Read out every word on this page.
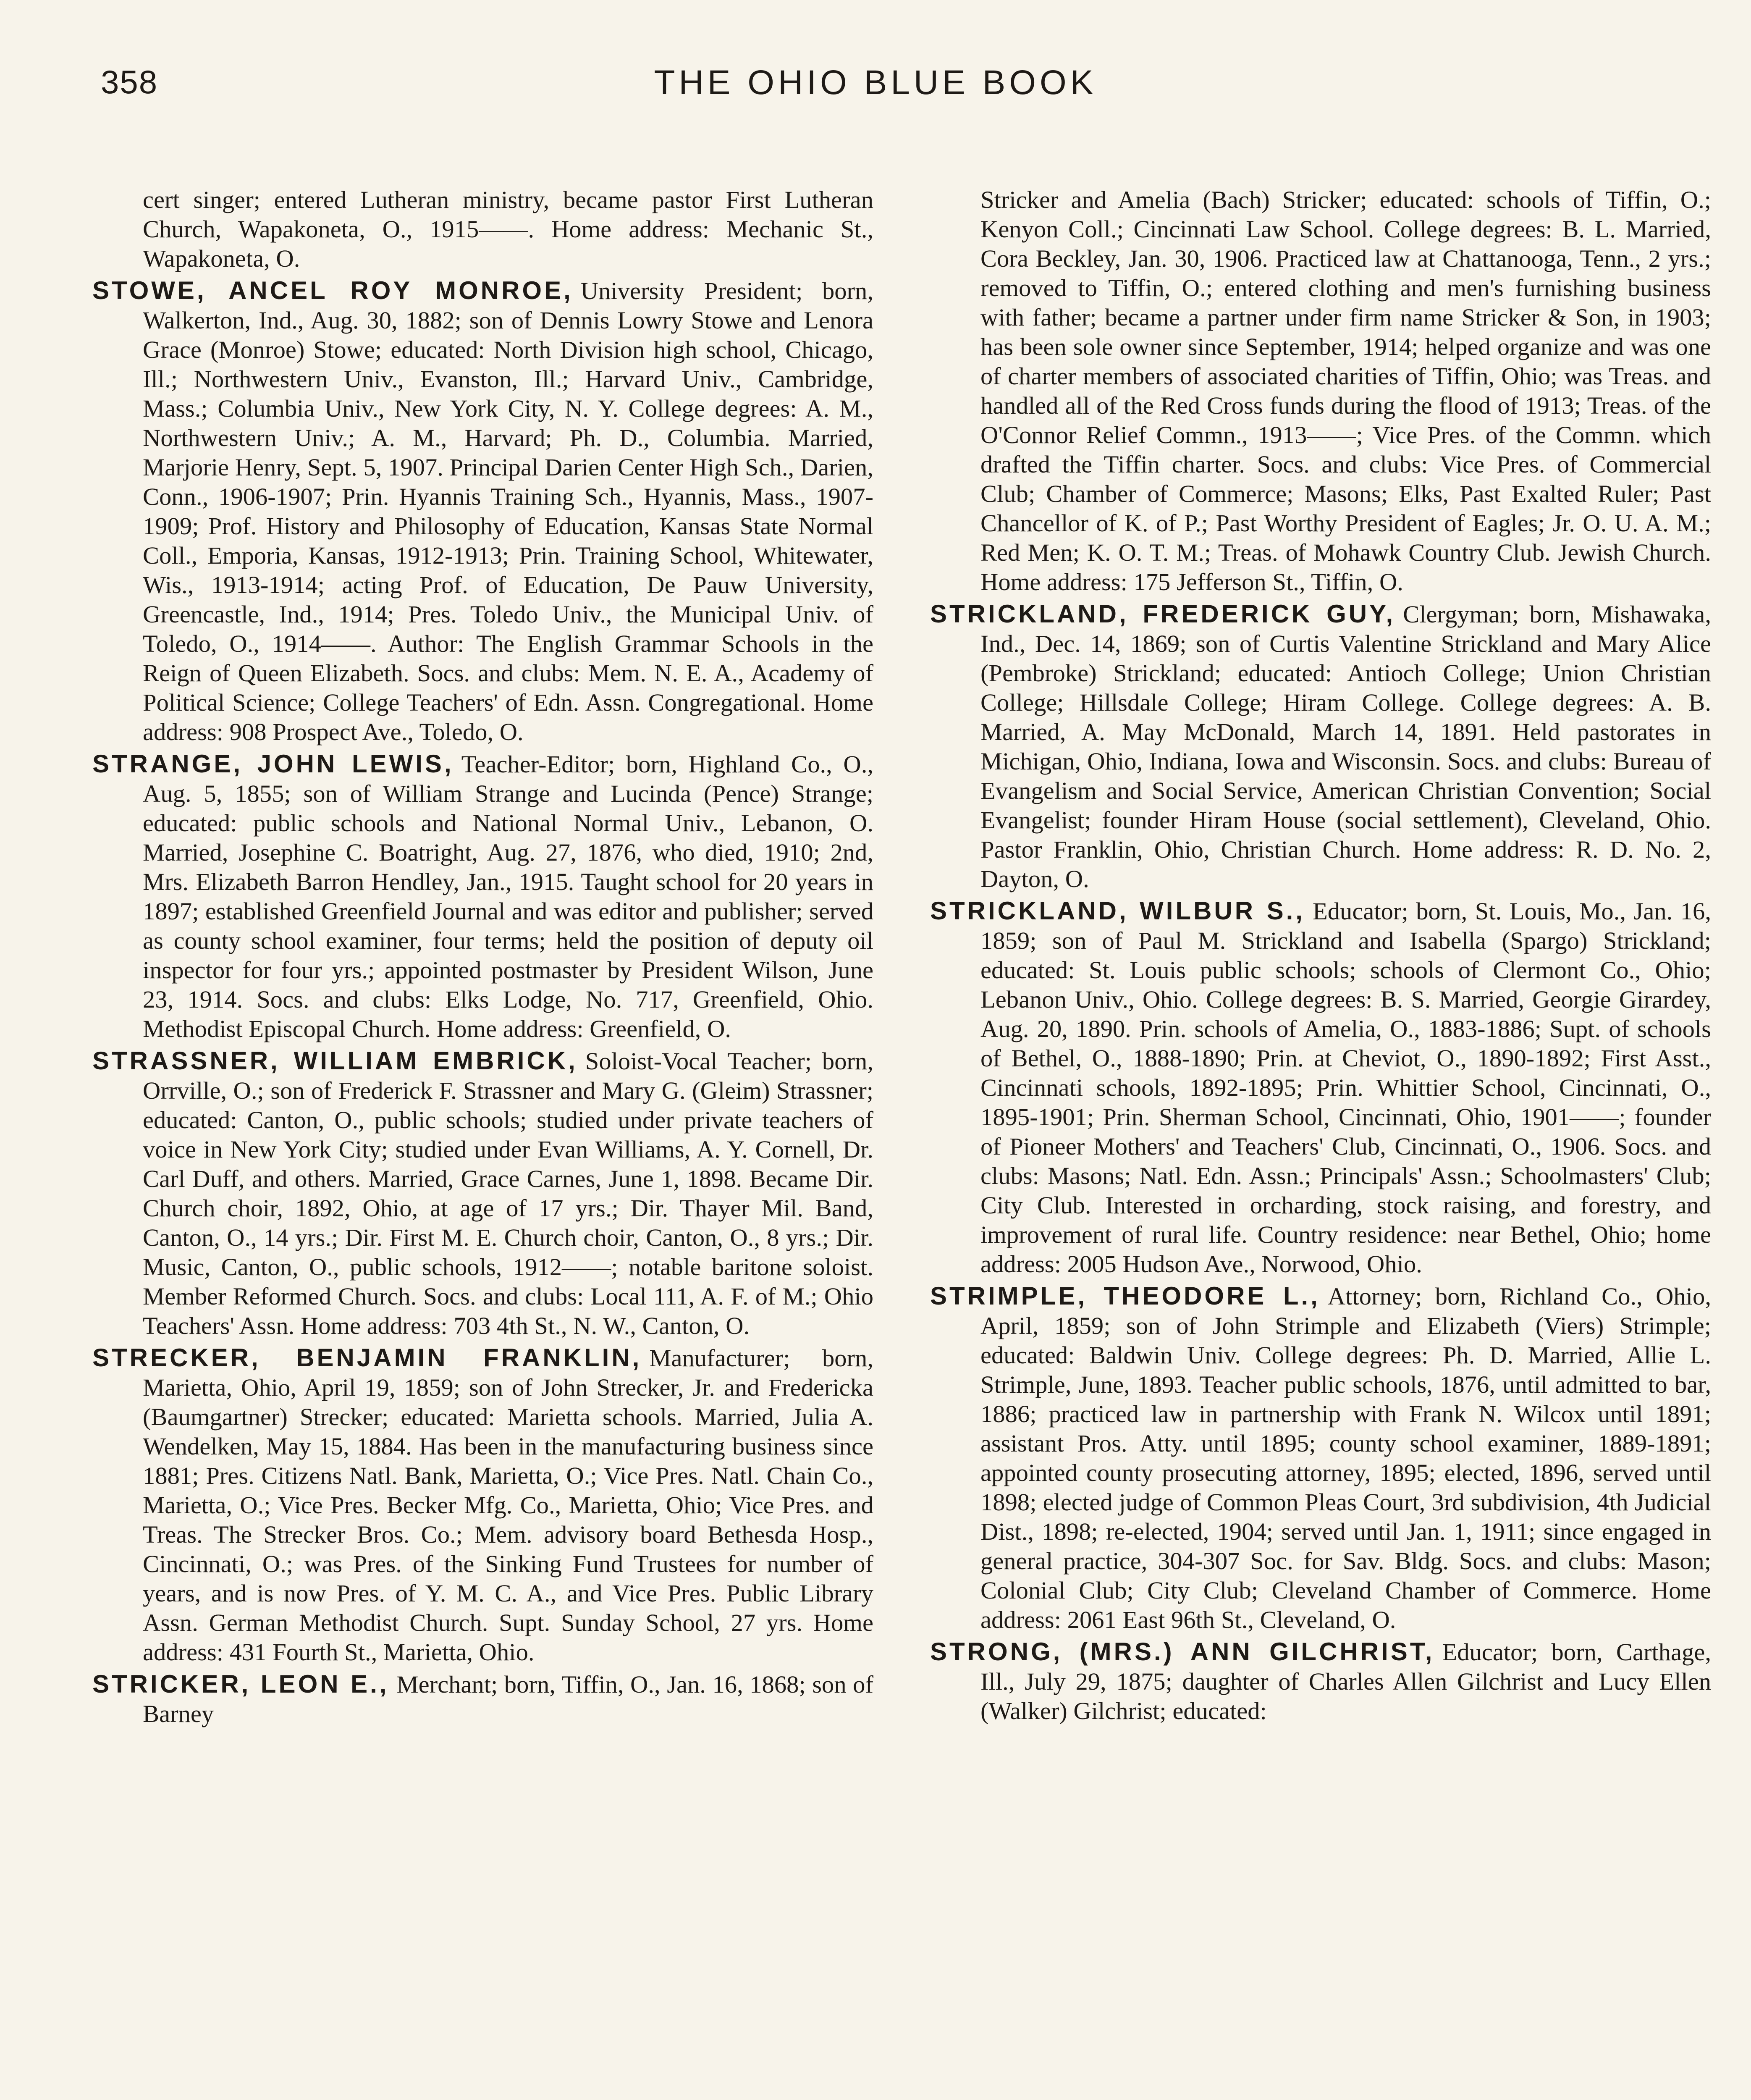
358	THE OHIO BLUE BOOK

cert singer; entered Lutheran ministry, became pastor First Lutheran Church, Wapakoneta, O., 1915——. Home address: Mechanic St., Wapakoneta, O.

STOWE, ANCEL ROY MONROE, University President; born, Walkerton, Ind., Aug. 30, 1882; son of Dennis Lowry Stowe and Lenora Grace (Monroe) Stowe; educated: North Division high school, Chicago, Ill.; Northwestern Univ., Evanston, Ill.; Harvard Univ., Cambridge, Mass.; Columbia Univ., New York City, N. Y. College degrees: A. M., Northwestern Univ.; A. M., Harvard; Ph. D., Columbia. Married, Marjorie Henry, Sept. 5, 1907. Principal Darien Center High Sch., Darien, Conn., 1906-1907; Prin. Hyannis Training Sch., Hyannis, Mass., 1907-1909; Prof. History and Philosophy of Education, Kansas State Normal Coll., Emporia, Kansas, 1912-1913; Prin. Training School, Whitewater, Wis., 1913-1914; acting Prof. of Education, De Pauw University, Greencastle, Ind., 1914; Pres. Toledo Univ., the Municipal Univ. of Toledo, O., 1914——. Author: The English Grammar Schools in the Reign of Queen Elizabeth. Socs. and clubs: Mem. N. E. A., Academy of Political Science; College Teachers' of Edn. Assn. Congregational. Home address: 908 Prospect Ave., Toledo, O.

STRANGE, JOHN LEWIS, Teacher-Editor; born, Highland Co., O., Aug. 5, 1855; son of William Strange and Lucinda (Pence) Strange; educated: public schools and National Normal Univ., Lebanon, O. Married, Josephine C. Boatright, Aug. 27, 1876, who died, 1910; 2nd, Mrs. Elizabeth Barron Hendley, Jan., 1915. Taught school for 20 years in 1897; established Greenfield Journal and was editor and publisher; served as county school examiner, four terms; held the position of deputy oil inspector for four yrs.; appointed postmaster by President Wilson, June 23, 1914. Socs. and clubs: Elks Lodge, No. 717, Greenfield, Ohio. Methodist Episcopal Church. Home address: Greenfield, O.

STRASSNER, WILLIAM EMBRICK, Soloist-Vocal Teacher; born, Orrville, O.; son of Frederick F. Strassner and Mary G. (Gleim) Strassner; educated: Canton, O., public schools; studied under private teachers of voice in New York City; studied under Evan Williams, A. Y. Cornell, Dr. Carl Duff, and others. Married, Grace Carnes, June 1, 1898. Became Dir. Church choir, 1892, Ohio, at age of 17 yrs.; Dir. Thayer Mil. Band, Canton, O., 14 yrs.; Dir. First M. E. Church choir, Canton, O., 8 yrs.; Dir. Music, Canton, O., public schools, 1912——; notable baritone soloist. Member Reformed Church. Socs. and clubs: Local 111, A. F. of M.; Ohio Teachers' Assn. Home address: 703 4th St., N. W., Canton, O.

STRECKER, BENJAMIN FRANKLIN, Manufacturer; born, Marietta, Ohio, April 19, 1859; son of John Strecker, Jr. and Fredericka (Baumgartner) Strecker; educated: Marietta schools. Married, Julia A. Wendelken, May 15, 1884. Has been in the manufacturing business since 1881; Pres. Citizens Natl. Bank, Marietta, O.; Vice Pres. Natl. Chain Co., Marietta, O.; Vice Pres. Becker Mfg. Co., Marietta, Ohio; Vice Pres. and Treas. The Strecker Bros. Co.; Mem. advisory board Bethesda Hosp., Cincinnati, O.; was Pres. of the Sinking Fund Trustees for number of years, and is now Pres. of Y. M. C. A., and Vice Pres. Public Library Assn. German Methodist Church. Supt. Sunday School, 27 yrs. Home address: 431 Fourth St., Marietta, Ohio.

STRICKER, LEON E., Merchant; born, Tiffin, O., Jan. 16, 1868; son of Barney

Stricker and Amelia (Bach) Stricker; educated: schools of Tiffin, O.; Kenyon Coll.; Cincinnati Law School. College degrees: B. L. Married, Cora Beckley, Jan. 30, 1906. Practiced law at Chattanooga, Tenn., 2 yrs.; removed to Tiffin, O.; entered clothing and men's furnishing business with father; became a partner under firm name Stricker & Son, in 1903; has been sole owner since September, 1914; helped organize and was one of charter members of associated charities of Tiffin, Ohio; was Treas. and handled all of the Red Cross funds during the flood of 1913; Treas. of the O'Connor Relief Commn., 1913——; Vice Pres. of the Commn. which drafted the Tiffin charter. Socs. and clubs: Vice Pres. of Commercial Club; Chamber of Commerce; Masons; Elks, Past Exalted Ruler; Past Chancellor of K. of P.; Past Worthy President of Eagles; Jr. O. U. A. M.; Red Men; K. O. T. M.; Treas. of Mohawk Country Club. Jewish Church. Home address: 175 Jefferson St., Tiffin, O.

STRICKLAND, FREDERICK GUY, Clergyman; born, Mishawaka, Ind., Dec. 14, 1869; son of Curtis Valentine Strickland and Mary Alice (Pembroke) Strickland; educated: Antioch College; Union Christian College; Hillsdale College; Hiram College. College degrees: A. B. Married, A. May McDonald, March 14, 1891. Held pastorates in Michigan, Ohio, Indiana, Iowa and Wisconsin. Socs. and clubs: Bureau of Evangelism and Social Service, American Christian Convention; Social Evangelist; founder Hiram House (social settlement), Cleveland, Ohio. Pastor Franklin, Ohio, Christian Church. Home address: R. D. No. 2, Dayton, O.

STRICKLAND, WILBUR S., Educator; born, St. Louis, Mo., Jan. 16, 1859; son of Paul M. Strickland and Isabella (Spargo) Strickland; educated: St. Louis public schools; schools of Clermont Co., Ohio; Lebanon Univ., Ohio. College degrees: B. S. Married, Georgie Girardey, Aug. 20, 1890. Prin. schools of Amelia, O., 1883-1886; Supt. of schools of Bethel, O., 1888-1890; Prin. at Cheviot, O., 1890-1892; First Asst., Cincinnati schools, 1892-1895; Prin. Whittier School, Cincinnati, O., 1895-1901; Prin. Sherman School, Cincinnati, Ohio, 1901——; founder of Pioneer Mothers' and Teachers' Club, Cincinnati, O., 1906. Socs. and clubs: Masons; Natl. Edn. Assn.; Principals' Assn.; Schoolmasters' Club; City Club. Interested in orcharding, stock raising, and forestry, and improvement of rural life. Country residence: near Bethel, Ohio; home address: 2005 Hudson Ave., Norwood, Ohio.

STRIMPLE, THEODORE L., Attorney; born, Richland Co., Ohio, April, 1859; son of John Strimple and Elizabeth (Viers) Strimple; educated: Baldwin Univ. College degrees: Ph. D. Married, Allie L. Strimple, June, 1893. Teacher public schools, 1876, until admitted to bar, 1886; practiced law in partnership with Frank N. Wilcox until 1891; assistant Pros. Atty. until 1895; county school examiner, 1889-1891; appointed county prosecuting attorney, 1895; elected, 1896, served until 1898; elected judge of Common Pleas Court, 3rd subdivision, 4th Judicial Dist., 1898; re-elected, 1904; served until Jan. 1, 1911; since engaged in general practice, 304-307 Soc. for Sav. Bldg. Socs. and clubs: Mason; Colonial Club; City Club; Cleveland Chamber of Commerce. Home address: 2061 East 96th St., Cleveland, O.

STRONG, (MRS.) ANN GILCHRIST, Educator; born, Carthage, Ill., July 29, 1875; daughter of Charles Allen Gilchrist and Lucy Ellen (Walker) Gilchrist; educated:
